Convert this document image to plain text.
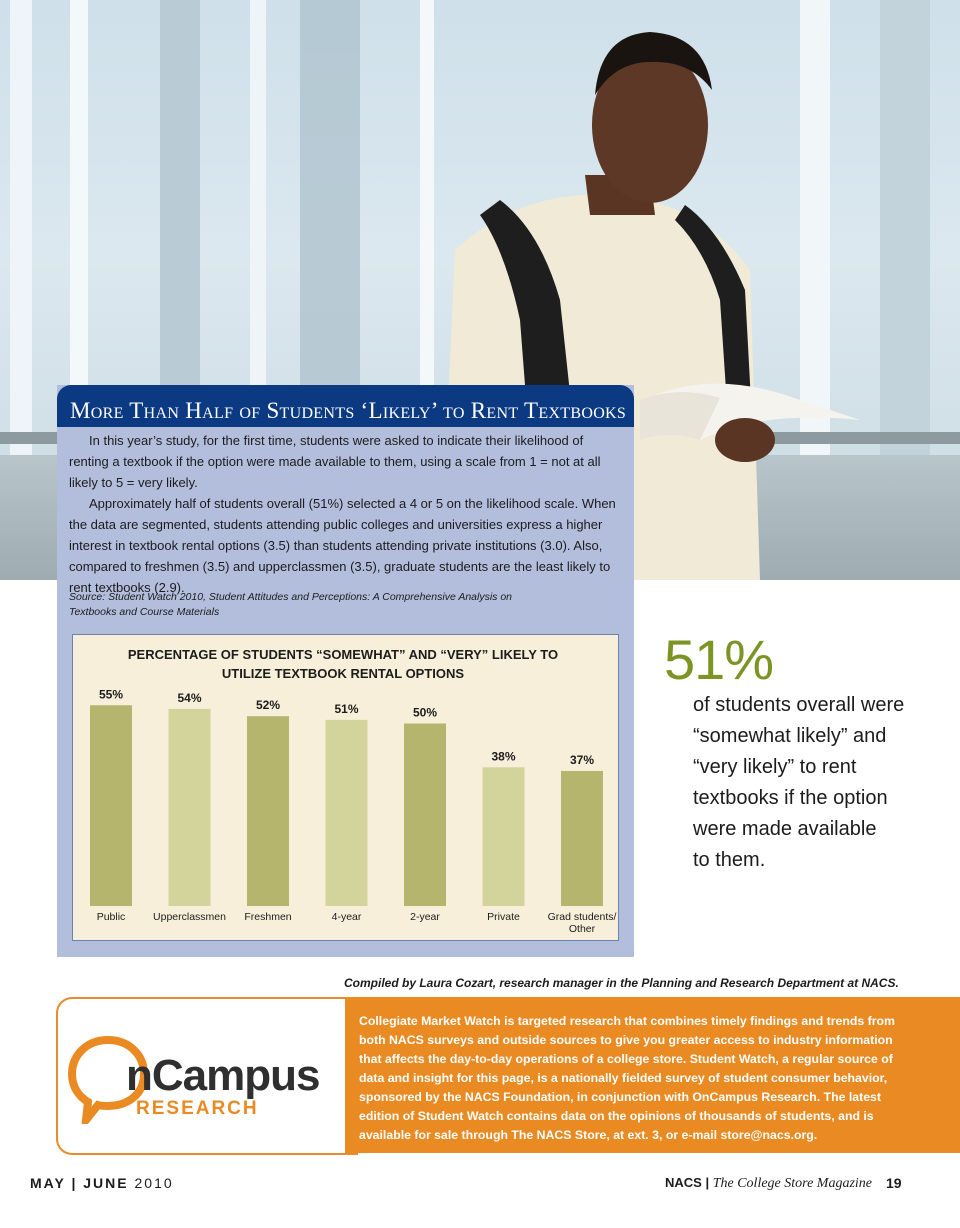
More Than Half of Students ‘Likely’ to Rent Textbooks

In this year’s study, for the first time, students were asked to indicate their likelihood of renting a textbook if the option were made available to them, using a scale from 1 = not at all likely to 5 = very likely.

Approximately half of students overall (51%) selected a 4 or 5 on the likelihood scale. When the data are segmented, students attending public colleges and universities express a higher interest in textbook rental options (3.5) than students attending private institutions (3.0). Also, compared to freshmen (3.5) and upperclassmen (3.5), graduate students are the least likely to rent textbooks (2.9).

Source: Student Watch 2010, Student Attitudes and Perceptions: A Comprehensive Analysis on
Textbooks and Course Materials
PERCENTAGE OF STUDENTS “SOMEWHAT” AND “VERY” LIKELY TO
UTILIZE TEXTBOOK RENTAL OPTIONS
55%
Public
54%
Upperclassmen
52%
Freshmen
51%
4-year
50%
2-year
38%
Private
37%
Grad students/
Other
51%
of students overall were
“somewhat likely” and
“very likely” to rent
textbooks if the option
were made available
to them.
Compiled by Laura Cozart, research manager in the Planning and Research Department at NACS.
nCampus
RESEARCH
Collegiate Market Watch is targeted research that combines timely findings and trends from
both NACS surveys and outside sources to give you greater access to industry information
that affects the day-to-day operations of a college store. Student Watch, a regular source of
data and insight for this page, is a nationally fielded survey of student consumer behavior,
sponsored by the NACS Foundation, in conjunction with OnCampus Research. The latest
edition of Student Watch contains data on the opinions of thousands of students, and is
available for sale through The NACS Store, at ext. 3, or e-mail store@nacs.org.
MAY | JUNE 2010	NACS | The College Store Magazine 19
